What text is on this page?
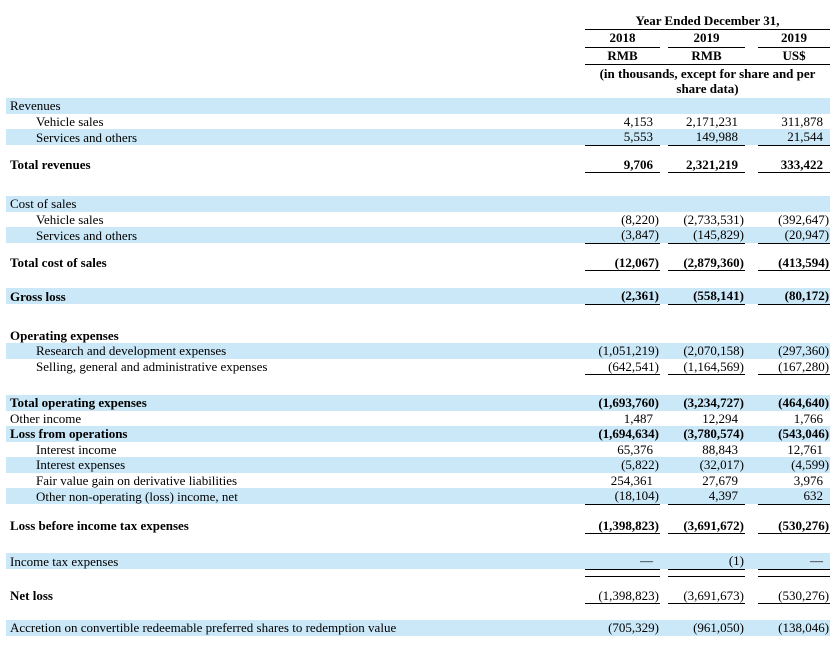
	Year Ended December 31,				
	2018		2019		2019
	RMB		RMB		US$

	(in thousands, except for share and per share data)				

Revenues					
Vehicle sales	4,153		2,171,231		311,878
Services and others	5,553		149,988		21,544

Total revenues	9,706		2,321,219		333,422

Cost of sales					
Vehicle sales	(8,220)		(2,733,531)		(392,647)
Services and others	(3,847)		(145,829)		(20,947)

Total cost of sales	(12,067)		(2,879,360)		(413,594)

Gross loss	(2,361)		(558,141)		(80,172)

Operating expenses					
Research and development expenses	(1,051,219)		(2,070,158)		(297,360)
Selling, general and administrative expenses	(642,541)		(1,164,569)		(167,280)

Total operating expenses	(1,693,760)		(3,234,727)		(464,640)
Other income	1,487		12,294		1,766
Loss from operations	(1,694,634)		(3,780,574)		(543,046)
Interest income	65,376		88,843		12,761
Interest expenses	(5,822)		(32,017)		(4,599)
Fair value gain on derivative liabilities	254,361		27,679		3,976
Other non-operating (loss) income, net	(18,104)		4,397		632

Loss before income tax expenses	(1,398,823)		(3,691,672)		(530,276)

Income tax expenses	—		(1)		—

Net loss	(1,398,823)		(3,691,673)		(530,276)

Accretion on convertible redeemable preferred shares to redemption value	(705,329)		(961,050)		(138,046)
